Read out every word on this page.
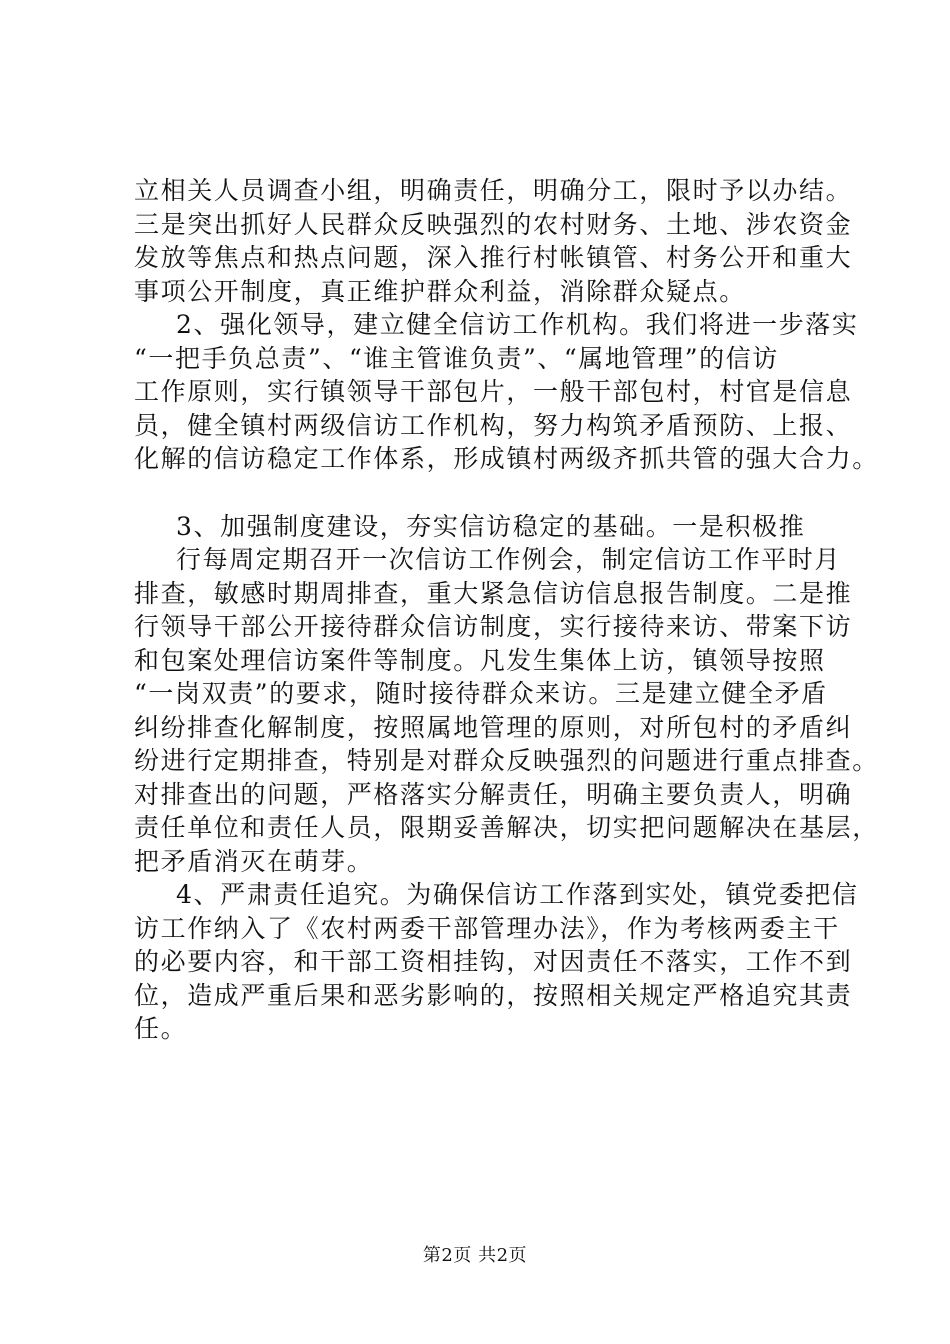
立相关人员调查小组，明确责任，明确分工，限时予以办结。
三是突出抓好人民群众反映强烈的农村财务、土地、涉农资金
发放等焦点和热点问题，深入推行村帐镇管、村务公开和重大
事项公开制度，真正维护群众利益，消除群众疑点。
2、强化领导，建立健全信访工作机构。我们将进一步落实
“一把手负总责”、“谁主管谁负责”、“属地管理”的信访
工作原则，实行镇领导干部包片，一般干部包村，村官是信息
员，健全镇村两级信访工作机构，努力构筑矛盾预防、上报、
化解的信访稳定工作体系，形成镇村两级齐抓共管的强大合力。
3、加强制度建设，夯实信访稳定的基础。一是积极推
行每周定期召开一次信访工作例会，制定信访工作平时月
排查，敏感时期周排查，重大紧急信访信息报告制度。二是推
行领导干部公开接待群众信访制度，实行接待来访、带案下访
和包案处理信访案件等制度。凡发生集体上访，镇领导按照
“一岗双责”的要求，随时接待群众来访。三是建立健全矛盾
纠纷排查化解制度，按照属地管理的原则，对所包村的矛盾纠
纷进行定期排查，特别是对群众反映强烈的问题进行重点排查。
对排查出的问题，严格落实分解责任，明确主要负责人，明确
责任单位和责任人员，限期妥善解决，切实把问题解决在基层，
把矛盾消灭在萌芽。
4、严肃责任追究。为确保信访工作落到实处，镇党委把信
访工作纳入了《农村两委干部管理办法》，作为考核两委主干
的必要内容，和干部工资相挂钩，对因责任不落实，工作不到
位，造成严重后果和恶劣影响的，按照相关规定严格追究其责
任。
第2页 共2页
